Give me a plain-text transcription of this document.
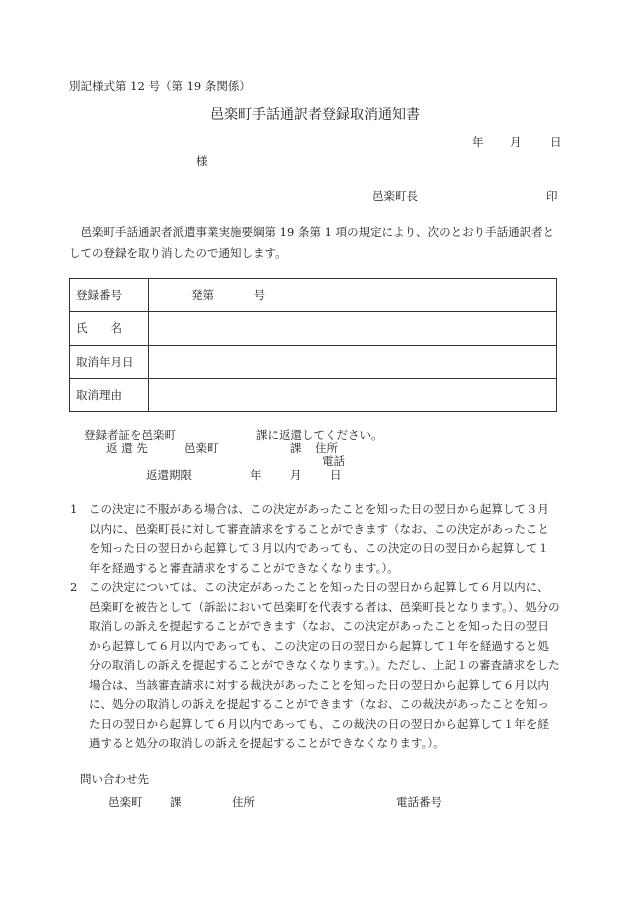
別記様式第 12 号（第 19 条関係）
邑楽町手話通訳者登録取消通知書
年 月 日
様
邑楽町長	印
邑楽町手話通訳者派遣事業実施要綱第 19 条第 1 項の規定により、次のとおり手話通訳者としての登録を取り消したので通知します。
登録番号	発第 号
氏　　名	
取消年月日	
取消理由	
登録者証を邑楽町	課に返還してください。
返 還 先	邑楽町	課 住所
電話
返還期限	年 月 日
1 この決定に不服がある場合は、この決定があったことを知った日の翌日から起算して３月以内に、邑楽町長に対して審査請求をすることができます（なお、この決定があったことを知った日の翌日から起算して３月以内であっても、この決定の日の翌日から起算して１年を経過すると審査請求をすることができなくなります。）。
2 この決定については、この決定があったことを知った日の翌日から起算して６月以内に、邑楽町を被告として（訴訟において邑楽町を代表する者は、邑楽町長となります。）、処分の取消しの訴えを提起することができます（なお、この決定があったことを知った日の翌日から起算して６月以内であっても、この決定の日の翌日から起算して１年を経過すると処分の取消しの訴えを提起することができなくなります。）。ただし、上記１の審査請求をした場合は、当該審査請求に対する裁決があったことを知った日の翌日から起算して６月以内に、処分の取消しの訴えを提起することができます（なお、この裁決があったことを知った日の翌日から起算して６月以内であっても、この裁決の日の翌日から起算して１年を経過すると処分の取消しの訴えを提起することができなくなります。）。
問い合わせ先
邑楽町 課	住所	電話番号
